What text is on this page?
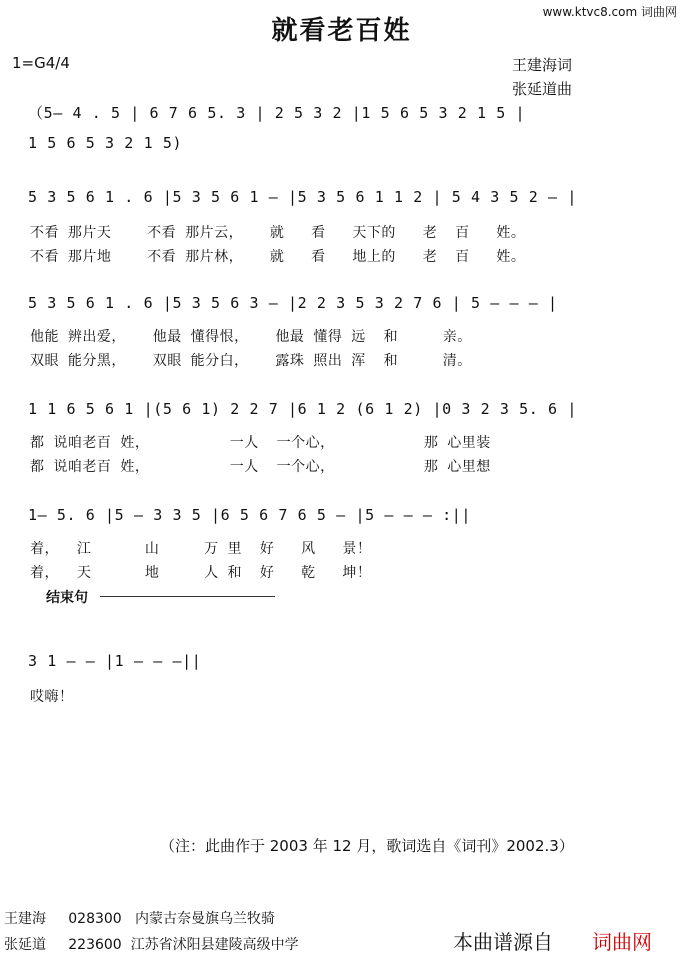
www.ktvc8.com 词曲网
就看老百姓
1=G4/4	王建海词
张延道曲
（5— 4 . 5 | 6 7 6 5. 3 | 2 5 3 2 |1 5 6 5 3 2 1 5 |
1 5 6 5 3 2 1 5)
5 3 5 6 1 . 6 |5 3 5 6 1 — |5 3 5 6 1 1 2 | 5 4 3 5 2 — |
不看 那片天    不看 那片云，   就   看   天下的   老  百   姓。
不看 那片地    不看 那片林，   就   看   地上的   老  百   姓。
5 3 5 6 1 . 6 |5 3 5 6 3 — |2 2 3 5 3 2 7 6 | 5 — — — |
他能 辨出爱，   他最 懂得恨，   他最 懂得 远  和     亲。
双眼 能分黑，   双眼 能分白，   露珠 照出 浑  和     清。
1 1 6 5 6 1 |(5 6 1) 2 2 7 |6 1 2 (6 1 2) |0 3 2 3 5. 6 |
都 说咱老百 姓，         一人  一个心，          那 心里装
都 说咱老百 姓，         一人  一个心，          那 心里想
1— 5. 6 |5 — 3 3 5 |6 5 6 7 6 5 — |5 — — — :||
着，  江      山     万 里  好   风   景！
着，  天      地     人 和  好   乾   坤！
结束句
3 1 — — |1 — — —||
哎嗨！
（注：此曲作于 2003 年 12 月，歌词选自《词刊》2002.3）
王建海     028300   内蒙古奈曼旗乌兰牧骑
张延道     223600  江苏省沭阳县建陵高级中学	本曲谱源自 词曲网
